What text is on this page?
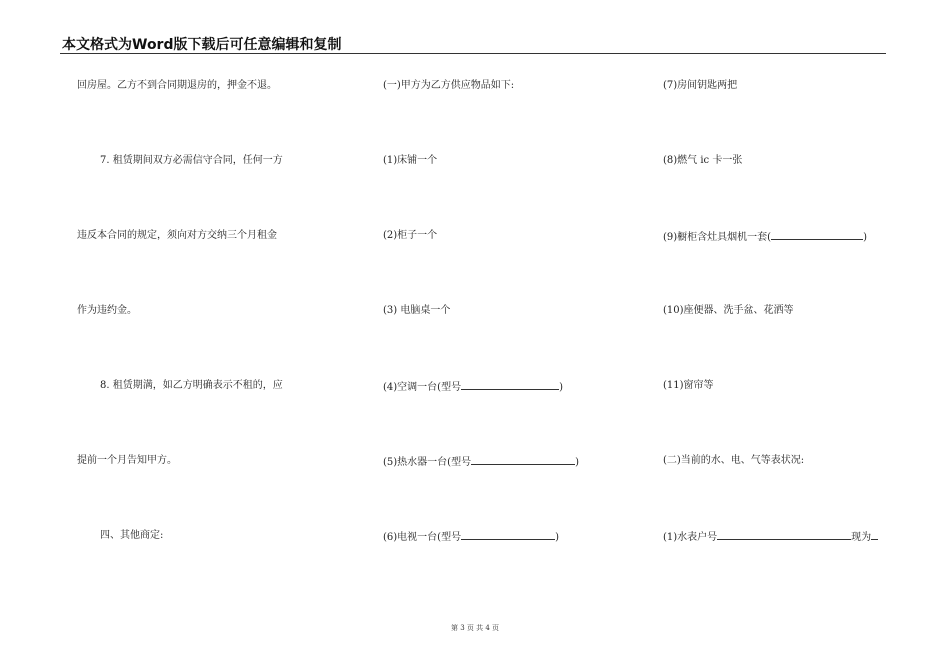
本文格式为Word版下载后可任意编辑和复制
回房屋。乙方不到合同期退房的，押金不退。
7. 租赁期间双方必需信守合同，任何一方
违反本合同的规定，须向对方交纳三个月租金
作为违约金。
8. 租赁期满，如乙方明确表示不租的，应
提前一个月告知甲方。
四、其他商定:
(一)甲方为乙方供应物品如下:
(1)床铺一个
(2)柜子一个
(3) 电脑桌一个
(4)空调一台(型号	)
(5)热水器一台(型号	)
(6)电视一台(型号	)
(7)房间钥匙两把
(8)燃气 ic 卡一张
(9)橱柜含灶具烟机一套(	)
(10)座便器、洗手盆、花洒等
(11)窗帘等
(二)当前的水、电、气等表状况:
(1)水表户号	现为
第 3 页 共 4 页
